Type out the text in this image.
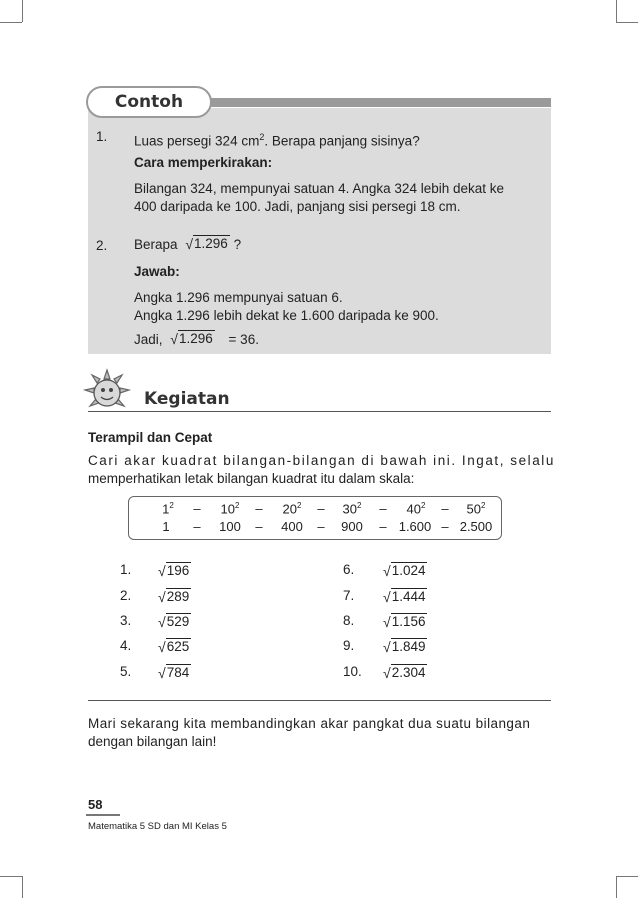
Contoh
1. Luas persegi 324 $cm^2$. Berapa panjang sisinya?
Cara memperkirakan:
Bilangan 324, mempunyai satuan 4. Angka 324 lebih dekat ke
400 daripada ke 100. Jadi, panjang sisi persegi 18 cm.
2. Berapa √ 1.296 ?
Jawab:
Angka 1.296 mempunyai satuan 6.
Angka 1.296 lebih dekat ke 1.600 daripada ke 900.
Jadi, √ 1.296 = 36.
Kegiatan
Terampil dan Cepat
Cari akar kuadrat bilangan-bilangan di bawah ini. Ingat, selalu
memperhatikan letak bilangan kuadrat itu dalam skala:
$1^2$	–	$10^2$	–	$20^2$	–	$30^2$	–	$40^2$	–	$50^2$
1	–	100	–	400	–	900	– 1.600 – 2.500
1. √ 196
2. √ 289
3. √ 529
4. √ 625
5. √ 784
6. √ 1.024
7. √ 1.444
8. √ 1.156
9. √ 1.849
10. √ 2.304
Mari sekarang kita membandingkan akar pangkat dua suatu bilangan
dengan bilangan lain!
58
Matematika 5 SD dan MI Kelas 5
